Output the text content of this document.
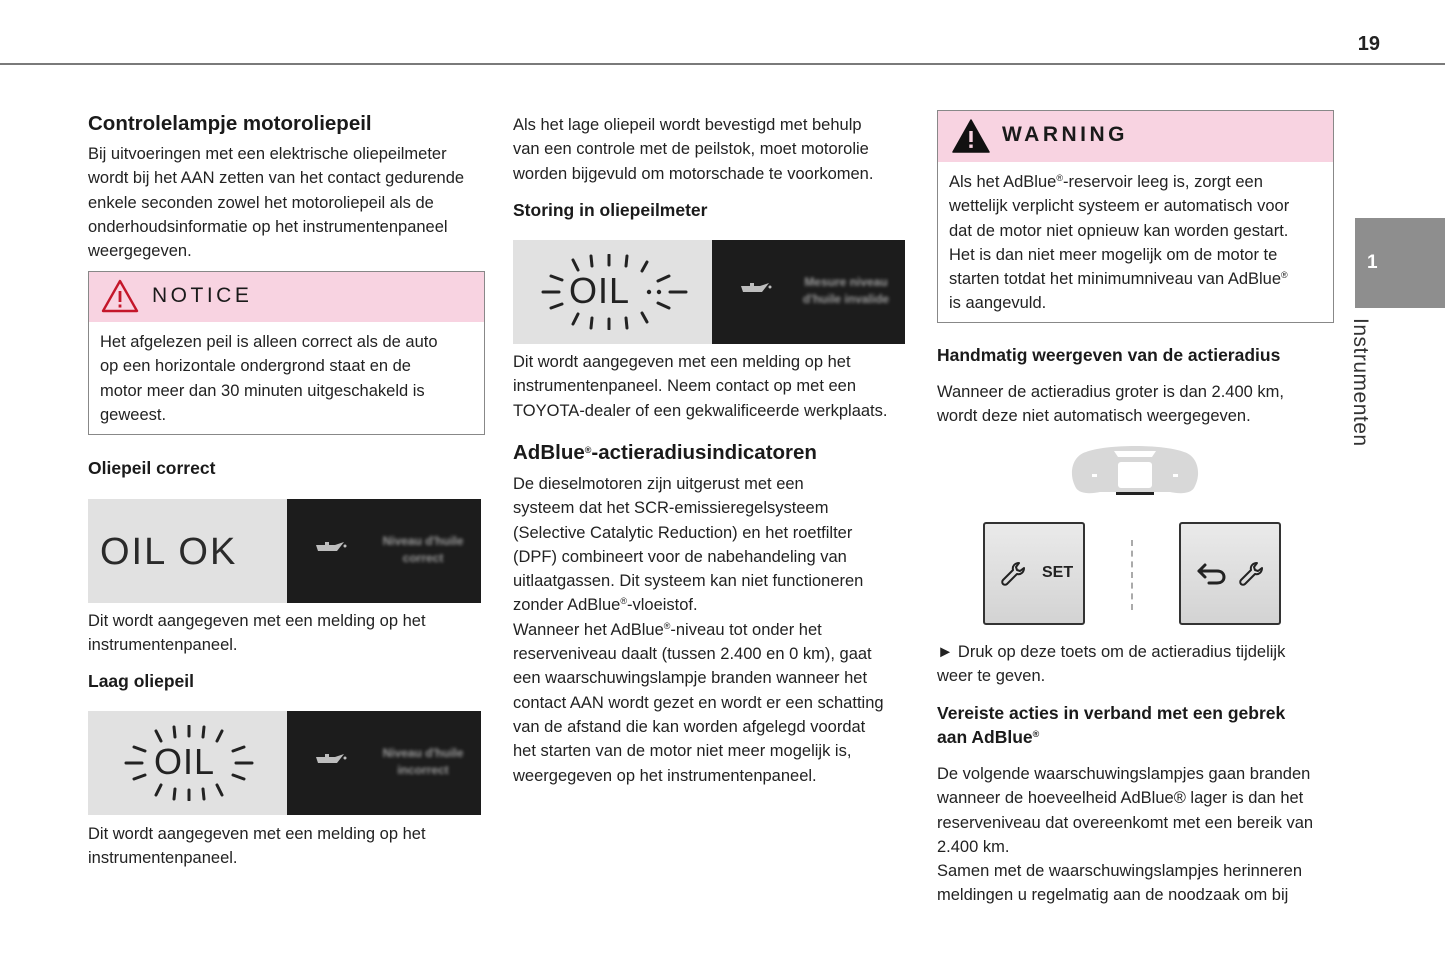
19
1
Instrumenten
Controlelampje motoroliepeil
Bij uitvoeringen met een elektrische oliepeilmeter
wordt bij het AAN zetten van het contact gedurende
enkele seconden zowel het motoroliepeil als de
onderhoudsinformatie op het instrumentenpaneel
weergegeven.
NOTICE
Het afgelezen peil is alleen correct als de auto
op een horizontale ondergrond staat en de
motor meer dan 30 minuten uitgeschakeld is
geweest.
Oliepeil correct
OIL OK	Niveau d'huile correct
Dit wordt aangegeven met een melding op het
instrumentenpaneel.
Laag oliepeil
OIL	Niveau d'huile incorrect
Dit wordt aangegeven met een melding op het
instrumentenpaneel.
Als het lage oliepeil wordt bevestigd met behulp
van een controle met de peilstok, moet motorolie
worden bijgevuld om motorschade te voorkomen.
Storing in oliepeilmeter
OIL	Mesure niveau d'huile invalide
Dit wordt aangegeven met een melding op het
instrumentenpaneel. Neem contact op met een
TOYOTA-dealer of een gekwalificeerde werkplaats.
AdBlue®-actieradiusindicatoren
De dieselmotoren zijn uitgerust met een
systeem dat het SCR-emissieregelsysteem
(Selective Catalytic Reduction) en het roetfilter
(DPF) combineert voor de nabehandeling van
uitlaatgassen. Dit systeem kan niet functioneren
zonder AdBlue®-vloeistof.
Wanneer het AdBlue®-niveau tot onder het
reserveniveau daalt (tussen 2.400 en 0 km), gaat
een waarschuwingslampje branden wanneer het
contact AAN wordt gezet en wordt er een schatting
van de afstand die kan worden afgelegd voordat
het starten van de motor niet meer mogelijk is,
weergegeven op het instrumentenpaneel.
WARNING
Als het AdBlue®-reservoir leeg is, zorgt een
wettelijk verplicht systeem er automatisch voor
dat de motor niet opnieuw kan worden gestart.
Het is dan niet meer mogelijk om de motor te
starten totdat het minimumniveau van AdBlue®
is aangevuld.
Handmatig weergeven van de actieradius
Wanneer de actieradius groter is dan 2.400 km,
wordt deze niet automatisch weergegeven.
SET
► Druk op deze toets om de actieradius tijdelijk
weer te geven.
Vereiste acties in verband met een gebrek
aan AdBlue®
De volgende waarschuwingslampjes gaan branden
wanneer de hoeveelheid AdBlue® lager is dan het
reserveniveau dat overeenkomt met een bereik van
2.400 km.
Samen met de waarschuwingslampjes herinneren
meldingen u regelmatig aan de noodzaak om bij
